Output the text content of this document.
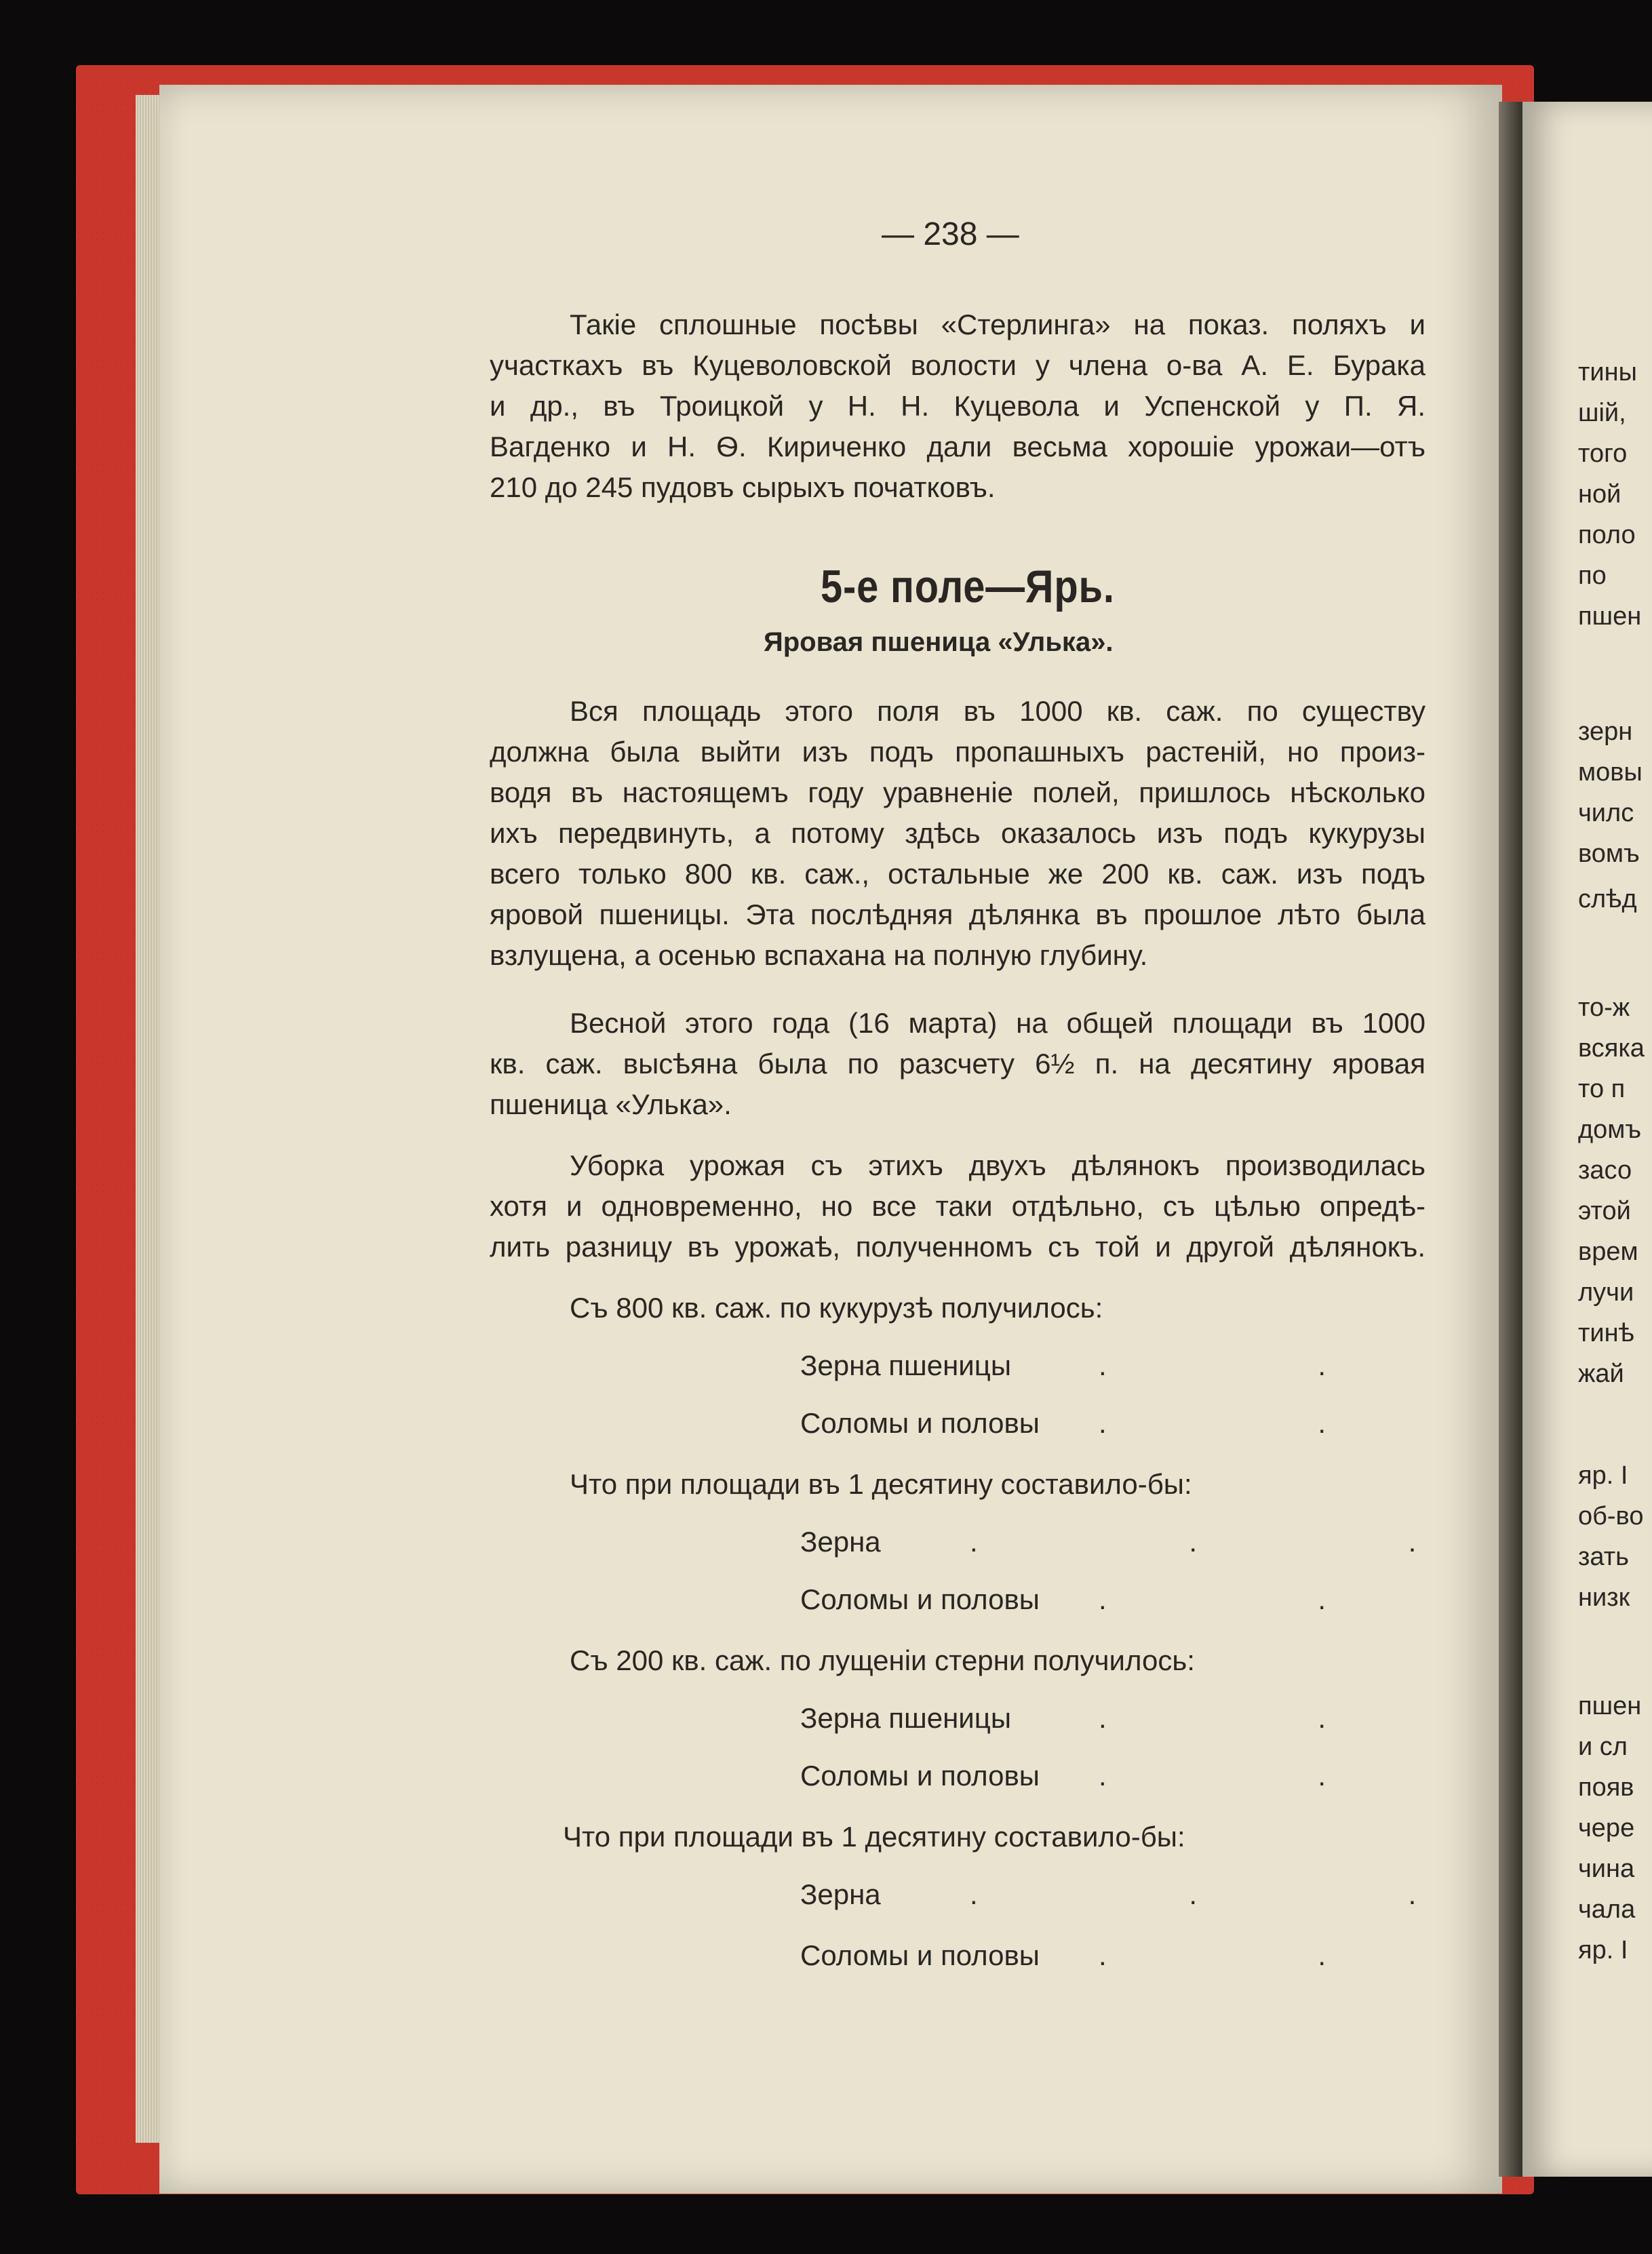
тины
шій,
того
ной
поло
по
пшен
зерн
мовы
чилс
вомъ
слѣд
то-ж
всяка
то п
домъ
засо
этой
врем
лучи
тинѣ
жай
яр. I
об-во
зать
низк
пшен
и сл
появ
чере
чина
чала
яр. I
— 238 —
Такіе сплошные посѣвы «Стерлинга» на показ. поляхъ и
участкахъ въ Куцеволовской волости у члена о-ва А. Е. Бурака
и др., въ Троицкой у Н. Н. Куцевола и Успенской у П. Я.
Вагденко и Н. Ѳ. Кириченко дали весьма хорошіе урожаи—отъ
210 до 245 пудовъ сырыхъ початковъ.
5-е поле—Ярь.
Яровая пшеница «Улька».
Вся площадь этого поля въ 1000 кв. саж. по существу
должна была выйти изъ подъ пропашныхъ растеній, но произ-
водя въ настоящемъ году уравненіе полей, пришлось нѣсколько
ихъ передвинуть, а потому здѣсь оказалось изъ подъ кукурузы
всего только 800 кв. саж., остальные же 200 кв. саж. изъ подъ
яровой пшеницы. Эта послѣдняя дѣлянка въ прошлое лѣто была
взлущена, а осенью вспахана на полную глубину.
Весной этого года (16 марта) на общей площади въ 1000
кв. саж. высѣяна была по разсчету 6½ п. на десятину яровая
пшеница «Улька».
Уборка урожая съ этихъ двухъ дѣлянокъ производилась
хотя и одновременно, но все таки отдѣльно, съ цѣлью опредѣ-
лить разницу въ урожаѣ, полученномъ съ той и другой дѣлянокъ.
Съ 800 кв. саж. по кукурузѣ получилось:
Зерна пшеницы	. .
Соломы и половы . .
Что при площади въ 1 десятину составило-бы:
Зерна	. . .
Соломы и половы . .
Съ 200 кв. саж. по лущеніи стерни получилось:
Зерна пшеницы	. .
Соломы и половы . .
Что при площади въ 1 десятину составило-бы:
Зерна	. . .
Соломы и половы . .
